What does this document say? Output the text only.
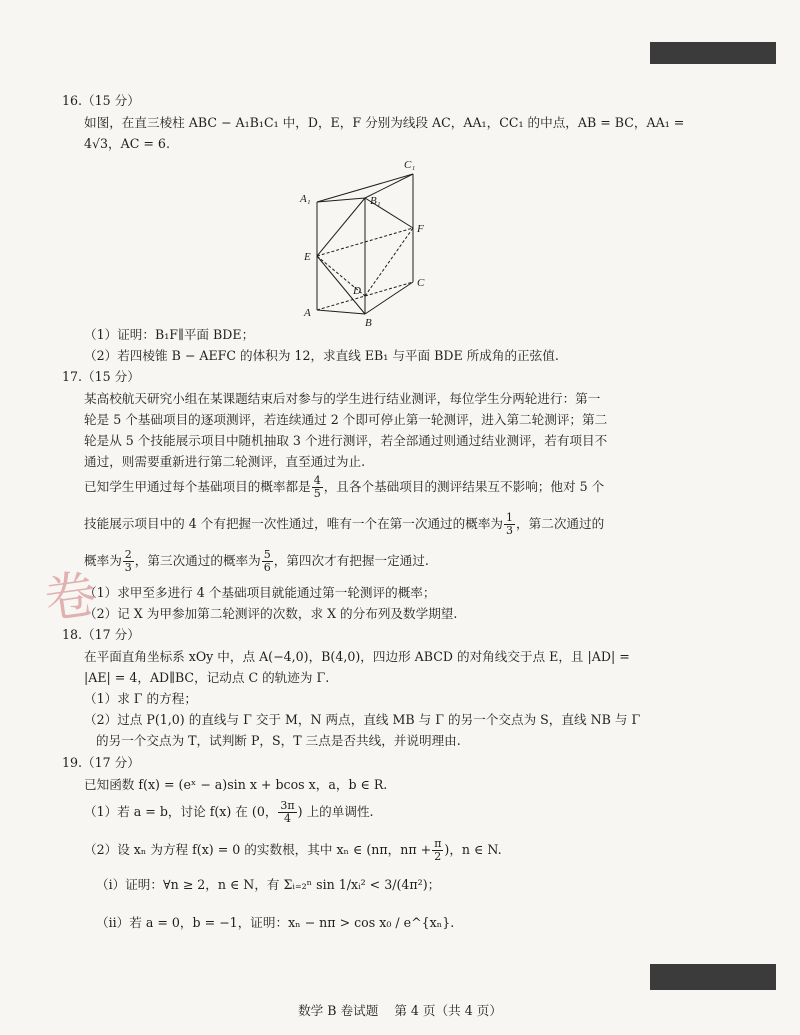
16.（15 分）
如图，在直三棱柱 ABC − A₁B₁C₁ 中，D，E，F 分别为线段 AC，AA₁，CC₁ 的中点，AB = BC，AA₁ =
4√3，AC = 6.
C₁
A₁	B₁
F
E
C
D
A
B
（1）证明：B₁F∥平面 BDE；
（2）若四棱锥 B − AEFC 的体积为 12，求直线 EB₁ 与平面 BDE 所成角的正弦值.
17.（15 分）
某高校航天研究小组在某课题结束后对参与的学生进行结业测评，每位学生分两轮进行：第一
轮是 5 个基础项目的逐项测评，若连续通过 2 个即可停止第一轮测评，进入第二轮测评；第二
轮是从 5 个技能展示项目中随机抽取 3 个进行测评，若全部通过则通过结业测评，若有项目不
通过，则需要重新进行第二轮测评，直至通过为止.
已知学生甲通过每个基础项目的概率都是 $\frac{4}{5}$ ，且各个基础项目的测评结果互不影响；他对 5 个
技能展示项目中的 4 个有把握一次性通过，唯有一个在第一次通过的概率为 $\frac{1}{3}$ ，第二次通过的
概率为 $\frac{2}{3}$ ，第三次通过的概率为 $\frac{5}{6}$ ，第四次才有把握一定通过.
（1）求甲至多进行 4 个基础项目就能通过第一轮测评的概率；
（2）记 X 为甲参加第二轮测评的次数，求 X 的分布列及数学期望.
卷
18.（17 分）
在平面直角坐标系 xOy 中，点 A(−4,0)，B(4,0)，四边形 ABCD 的对角线交于点 E，且 |AD| =
|AE| = 4，AD∥BC，记动点 C 的轨迹为 Γ.
（1）求 Γ 的方程；
（2）过点 P(1,0) 的直线与 Γ 交于 M，N 两点，直线 MB 与 Γ 的另一个交点为 S，直线 NB 与 Γ
的另一个交点为 T，试判断 P，S，T 三点是否共线，并说明理由.
19.（17 分）
已知函数 f(x) = (eˣ − a)sin x + bcos x，a，b ∈ R.
（1）若 a = b，讨论 f(x) 在 (0， $\frac{3\pi}{4}$ ) 上的单调性.
（2）设 xₙ 为方程 f(x) = 0 的实数根，其中 xₙ ∈ (nπ，$n\pi + \frac{\pi}{2}$ )，n ∈ N.
（i）证明：∀n ≥ 2，n ∈ N，有 Σᵢ₌₂ⁿ sin 1/xᵢ² < 3/(4π²)；
（ii）若 a = 0，b = −1，证明：xₙ − nπ > cos x₀ / e^{xₙ}.
数学 B 卷试题 第 4 页（共 4 页）
